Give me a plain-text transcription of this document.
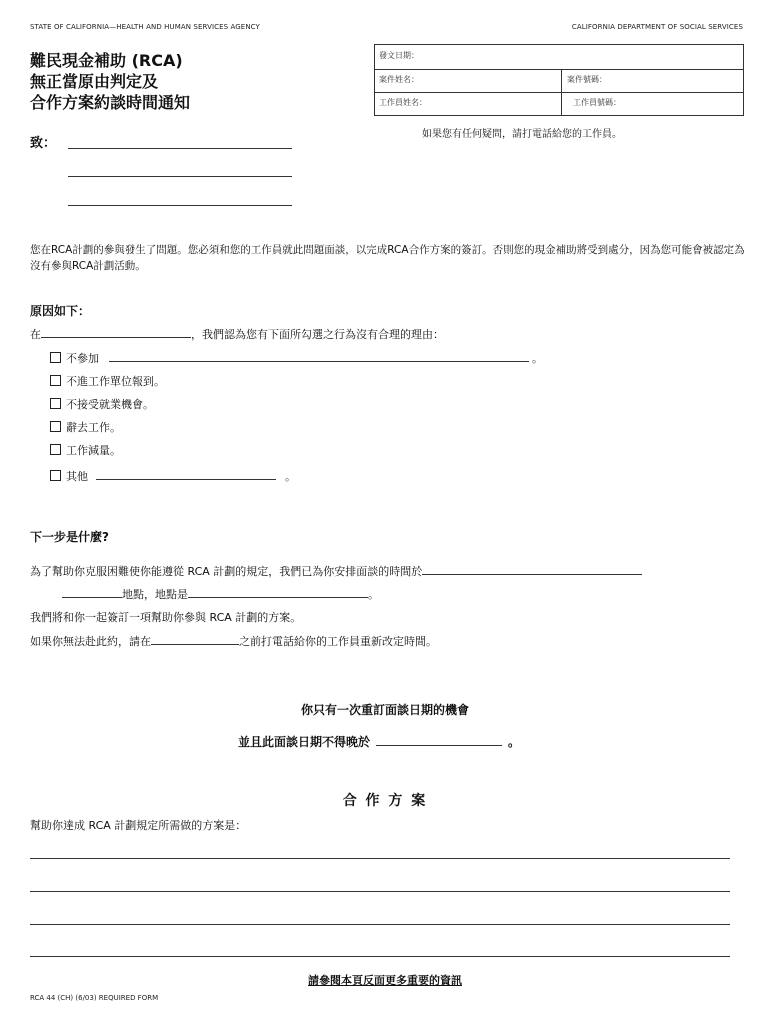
STATE OF CALIFORNIA—HEALTH AND HUMAN SERVICES AGENCY	CALIFORNIA DEPARTMENT OF SOCIAL SERVICES
難民現金補助 (RCA)
無正當原由判定及
合作方案約談時間通知
發文日期：
案件姓名：	案件號碼：
工作員姓名：	工作員號碼：
如果您有任何疑問，請打電話給您的工作員。
致：
您在RCA計劃的參與發生了問題。您必須和您的工作員就此問題面談，以完成RCA合作方案的簽訂。否則您的現金補助將受到處分，因為您可能會被認定為沒有參與RCA計劃活動。
原因如下：
在	，我們認為您有下面所勾選之行為沒有合理的理由：
不參加	。
不進工作單位報到。
不接受就業機會。
辭去工作。
工作減量。
其他	。
下一步是什麼?
為了幫助你克服困難使你能遵從 RCA 計劃的規定，我們已為你安排面談的時間於
地點，地點是	。
我們將和你一起簽訂一項幫助你參與 RCA 計劃的方案。
如果你無法赴此約，請在	之前打電話給你的工作員重新改定時間。
你只有一次重訂面談日期的機會
並且此面談日期不得晚於	。
合 作 方 案
幫助你達成 RCA 計劃規定所需做的方案是：
請參閱本頁反面更多重要的資訊
RCA 44 (CH) (6/03) REQUIRED FORM
